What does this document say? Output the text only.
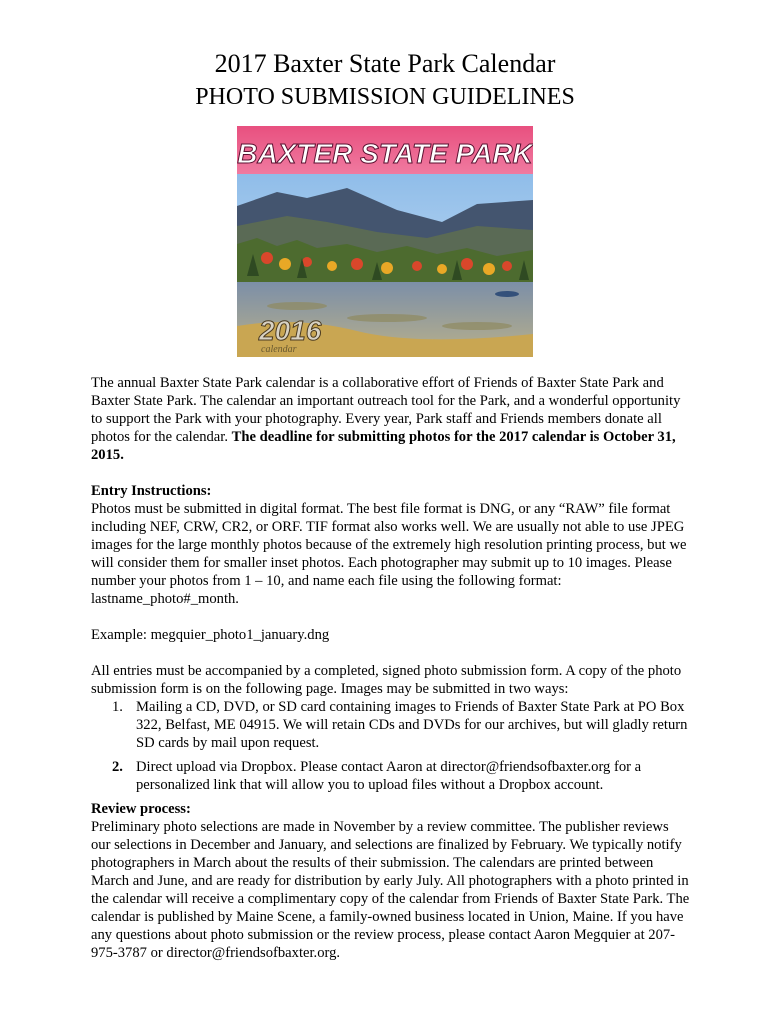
2017 Baxter State Park Calendar
PHOTO SUBMISSION GUIDELINES
BAXTER STATE PARK
2016
calendar

The annual Baxter State Park calendar is a collaborative effort of Friends of Baxter State Park and Baxter State Park. The calendar an important outreach tool for the Park, and a wonderful opportunity to support the Park with your photography. Every year, Park staff and Friends members donate all photos for the calendar. The deadline for submitting photos for the 2017 calendar is October 31, 2015.

Entry Instructions:

Photos must be submitted in digital format. The best file format is DNG, or any “RAW” file format including NEF, CRW, CR2, or ORF. TIF format also works well. We are usually not able to use JPEG images for the large monthly photos because of the extremely high resolution printing process, but we will consider them for smaller inset photos. Each photographer may submit up to 10 images. Please number your photos from 1 – 10, and name each file using the following format: lastname_photo#_month.

Example: megquier_photo1_january.dng

All entries must be accompanied by a completed, signed photo submission form. A copy of the photo submission form is on the following page. Images may be submitted in two ways:

1. Mailing a CD, DVD, or SD card containing images to Friends of Baxter State Park at PO Box 322, Belfast, ME 04915. We will retain CDs and DVDs for our archives, but will gladly return SD cards by mail upon request.
2. Direct upload via Dropbox. Please contact Aaron at director@friendsofbaxter.org for a personalized link that will allow you to upload files without a Dropbox account.

Review process:

Preliminary photo selections are made in November by a review committee. The publisher reviews our selections in December and January, and selections are finalized by February. We typically notify photographers in March about the results of their submission. The calendars are printed between March and June, and are ready for distribution by early July. All photographers with a photo printed in the calendar will receive a complimentary copy of the calendar from Friends of Baxter State Park. The calendar is published by Maine Scene, a family-owned business located in Union, Maine. If you have any questions about photo submission or the review process, please contact Aaron Megquier at 207-975-3787 or director@friendsofbaxter.org.
